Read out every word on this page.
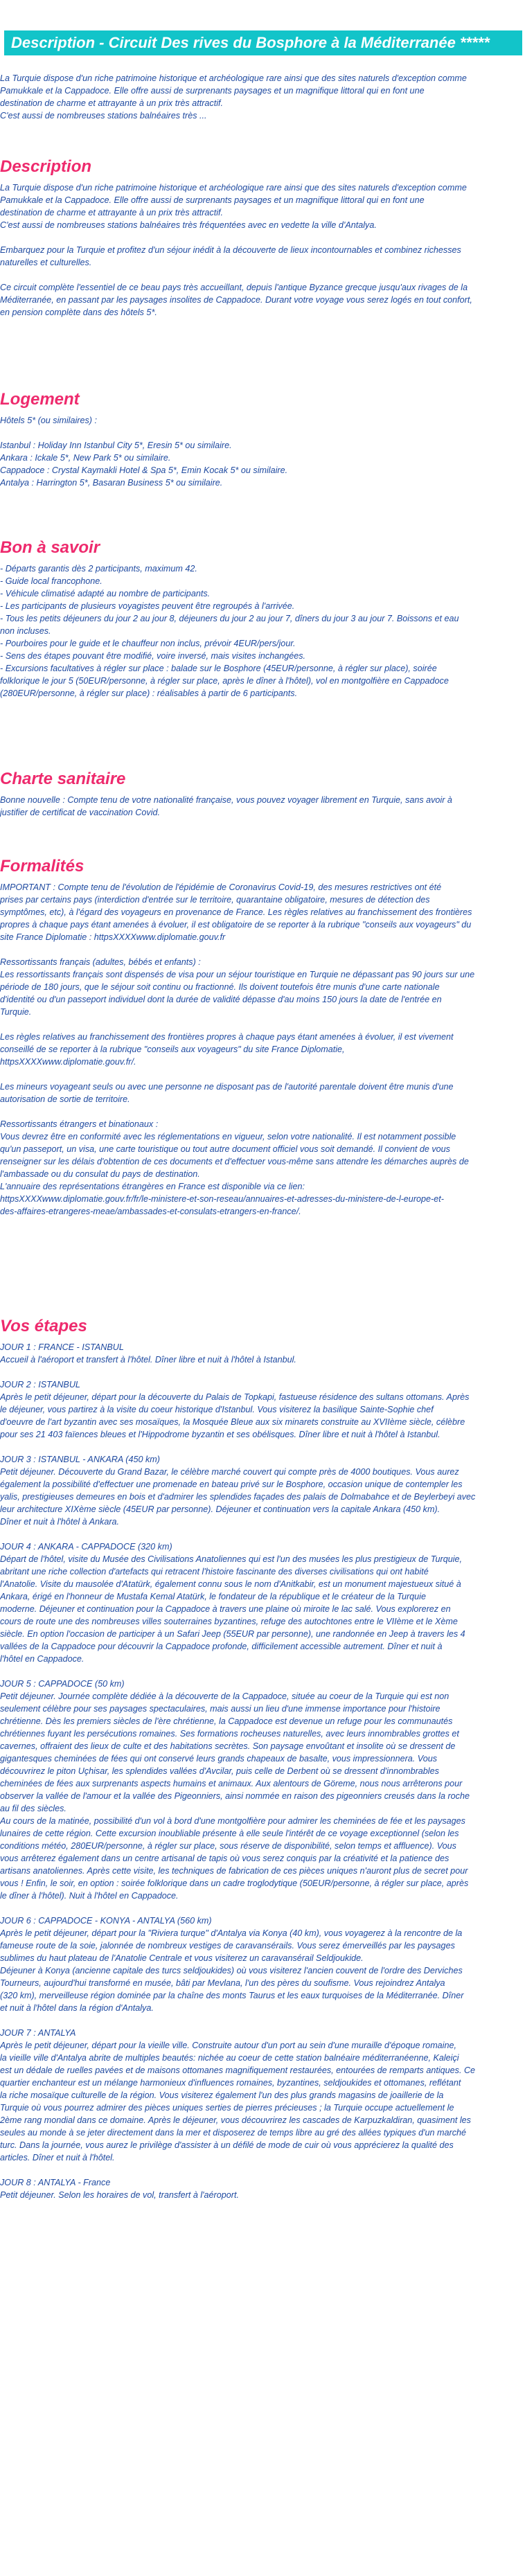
Description - Circuit Des rives du Bosphore à la Méditerranée *****
La Turquie dispose d'un riche patrimoine historique et archéologique rare ainsi que des sites naturels d'exception comme
Pamukkale et la Cappadoce. Elle offre aussi de surprenants paysages et un magnifique littoral qui en font une
destination de charme et attrayante à un prix très attractif.
C'est aussi de nombreuses stations balnéaires très ...
Description
La Turquie dispose d'un riche patrimoine historique et archéologique rare ainsi que des sites naturels d'exception comme
Pamukkale et la Cappadoce. Elle offre aussi de surprenants paysages et un magnifique littoral qui en font une
destination de charme et attrayante à un prix très attractif.
C'est aussi de nombreuses stations balnéaires très fréquentées avec en vedette la ville d'Antalya.
Embarquez pour la Turquie et profitez d'un séjour inédit à la découverte de lieux incontournables et combinez richesses
naturelles et culturelles.
Ce circuit complète l'essentiel de ce beau pays très accueillant, depuis l'antique Byzance grecque jusqu'aux rivages de la
Méditerranée, en passant par les paysages insolites de Cappadoce. Durant votre voyage vous serez logés en tout confort,
en pension complète dans des hôtels 5*.
Logement
Hôtels 5* (ou similaires) :
Istanbul : Holiday Inn Istanbul City 5*, Eresin 5* ou similaire.
Ankara : Ickale 5*, New Park 5* ou similaire.
Cappadoce : Crystal Kaymakli Hotel & Spa 5*, Emin Kocak 5* ou similaire.
Antalya : Harrington 5*, Basaran Business 5* ou similaire.
Bon à savoir
- Départs garantis dès 2 participants, maximum 42.
- Guide local francophone.
- Véhicule climatisé adapté au nombre de participants.
- Les participants de plusieurs voyagistes peuvent être regroupés à l'arrivée.
- Tous les petits déjeuners du jour 2 au jour 8, déjeuners du jour 2 au jour 7, dîners du jour 3 au jour 7. Boissons et eau
non incluses.
- Pourboires pour le guide et le chauffeur non inclus, prévoir 4EUR/pers/jour.
- Sens des étapes pouvant être modifié, voire inversé, mais visites inchangées.
- Excursions facultatives à régler sur place : balade sur le Bosphore (45EUR/personne, à régler sur place), soirée
folklorique le jour 5 (50EUR/personne, à régler sur place, après le dîner à l'hôtel), vol en montgolfière en Cappadoce
(280EUR/personne, à régler sur place) : réalisables à partir de 6 participants.
Charte sanitaire
Bonne nouvelle : Compte tenu de votre nationalité française, vous pouvez voyager librement en Turquie, sans avoir à
justifier de certificat de vaccination Covid.
Formalités
IMPORTANT : Compte tenu de l'évolution de l'épidémie de Coronavirus Covid-19, des mesures restrictives ont été
prises par certains pays (interdiction d'entrée sur le territoire, quarantaine obligatoire, mesures de détection des
symptômes, etc), à l'égard des voyageurs en provenance de France. Les règles relatives au franchissement des frontières
propres à chaque pays étant amenées à évoluer, il est obligatoire de se reporter à la rubrique "conseils aux voyageurs" du
site France Diplomatie : httpsXXXXwww.diplomatie.gouv.fr
Ressortissants français (adultes, bébés et enfants) :
Les ressortissants français sont dispensés de visa pour un séjour touristique en Turquie ne dépassant pas 90 jours sur une
période de 180 jours, que le séjour soit continu ou fractionné. Ils doivent toutefois être munis d'une carte nationale
d'identité ou d'un passeport individuel dont la durée de validité dépasse d'au moins 150 jours la date de l'entrée en
Turquie.
Les règles relatives au franchissement des frontières propres à chaque pays étant amenées à évoluer, il est vivement
conseillé de se reporter à la rubrique "conseils aux voyageurs" du site France Diplomatie,
httpsXXXXwww.diplomatie.gouv.fr/.
Les mineurs voyageant seuls ou avec une personne ne disposant pas de l'autorité parentale doivent être munis d'une
autorisation de sortie de territoire.
Ressortissants étrangers et binationaux :
Vous devrez être en conformité avec les réglementations en vigueur, selon votre nationalité. Il est notamment possible
qu'un passeport, un visa, une carte touristique ou tout autre document officiel vous soit demandé. Il convient de vous
renseigner sur les délais d'obtention de ces documents et d'effectuer vous-même sans attendre les démarches auprès de
l'ambassade ou du consulat du pays de destination.
L'annuaire des représentations étrangères en France est disponible via ce lien:
httpsXXXXwww.diplomatie.gouv.fr/fr/le-ministere-et-son-reseau/annuaires-et-adresses-du-ministere-de-l-europe-et-
des-affaires-etrangeres-meae/ambassades-et-consulats-etrangers-en-france/.
Vos étapes
JOUR 1 : FRANCE - ISTANBUL
Accueil à l'aéroport et transfert à l'hôtel. Dîner libre et nuit à l'hôtel à Istanbul.
JOUR 2 : ISTANBUL
Après le petit déjeuner, départ pour la découverte du Palais de Topkapi, fastueuse résidence des sultans ottomans. Après
le déjeuner, vous partirez à la visite du coeur historique d'Istanbul. Vous visiterez la basilique Sainte-Sophie chef
d'oeuvre de l'art byzantin avec ses mosaïques, la Mosquée Bleue aux six minarets construite au XVIIème siècle, célèbre
pour ses 21 403 faïences bleues et l'Hippodrome byzantin et ses obélisques. Dîner libre et nuit à l'hôtel à Istanbul.
JOUR 3 : ISTANBUL - ANKARA (450 km)
Petit déjeuner. Découverte du Grand Bazar, le célèbre marché couvert qui compte près de 4000 boutiques. Vous aurez
également la possibilité d'effectuer une promenade en bateau privé sur le Bosphore, occasion unique de contempler les
yalis, prestigieuses demeures en bois et d'admirer les splendides façades des palais de Dolmabahce et de Beylerbeyi avec
leur architecture XIXème siècle (45EUR par personne). Déjeuner et continuation vers la capitale Ankara (450 km).
Dîner et nuit à l'hôtel à Ankara.
JOUR 4 : ANKARA - CAPPADOCE (320 km)
Départ de l'hôtel, visite du Musée des Civilisations Anatoliennes qui est l'un des musées les plus prestigieux de Turquie,
abritant une riche collection d'artefacts qui retracent l'histoire fascinante des diverses civilisations qui ont habité
l'Anatolie. Visite du mausolée d'Atatürk, également connu sous le nom d'Anitkabir, est un monument majestueux situé à
Ankara, érigé en l'honneur de Mustafa Kemal Atatürk, le fondateur de la république et le créateur de la Turquie
moderne. Déjeuner et continuation pour la Cappadoce à travers une plaine où miroite le lac salé. Vous explorerez en
cours de route une des nombreuses villes souterraines byzantines, refuge des autochtones entre le VIIème et le Xème
siècle. En option l'occasion de participer à un Safari Jeep (55EUR par personne), une randonnée en Jeep à travers les 4
vallées de la Cappadoce pour découvrir la Cappadoce profonde, difficilement accessible autrement. Dîner et nuit à
l'hôtel en Cappadoce.
JOUR 5 : CAPPADOCE (50 km)
Petit déjeuner. Journée complète dédiée à la découverte de la Cappadoce, située au coeur de la Turquie qui est non
seulement célèbre pour ses paysages spectaculaires, mais aussi un lieu d'une immense importance pour l'histoire
chrétienne. Dès les premiers siècles de l'ère chrétienne, la Cappadoce est devenue un refuge pour les communautés
chrétiennes fuyant les persécutions romaines. Ses formations rocheuses naturelles, avec leurs innombrables grottes et
cavernes, offraient des lieux de culte et des habitations secrètes. Son paysage envoûtant et insolite où se dressent de
gigantesques cheminées de fées qui ont conservé leurs grands chapeaux de basalte, vous impressionnera. Vous
découvrirez le piton Uçhisar, les splendides vallées d'Avcilar, puis celle de Derbent où se dressent d'innombrables
cheminées de fées aux surprenants aspects humains et animaux. Aux alentours de Göreme, nous nous arrêterons pour
observer la vallée de l'amour et la vallée des Pigeonniers, ainsi nommée en raison des pigeonniers creusés dans la roche
au fil des siècles.
Au cours de la matinée, possibilité d'un vol à bord d'une montgolfière pour admirer les cheminées de fée et les paysages
lunaires de cette région. Cette excursion inoubliable présente à elle seule l'intérêt de ce voyage exceptionnel (selon les
conditions météo, 280EUR/personne, à régler sur place, sous réserve de disponibilité, selon temps et affluence). Vous
vous arrêterez également dans un centre artisanal de tapis où vous serez conquis par la créativité et la patience des
artisans anatoliennes. Après cette visite, les techniques de fabrication de ces pièces uniques n'auront plus de secret pour
vous ! Enfin, le soir, en option : soirée folklorique dans un cadre troglodytique (50EUR/personne, à régler sur place, après
le dîner à l'hôtel). Nuit à l'hôtel en Cappadoce.
JOUR 6 : CAPPADOCE - KONYA - ANTALYA (560 km)
Après le petit déjeuner, départ pour la "Riviera turque" d'Antalya via Konya (40 km), vous voyagerez à la rencontre de la
fameuse route de la soie, jalonnée de nombreux vestiges de caravansérails. Vous serez émerveillés par les paysages
sublimes du haut plateau de l'Anatolie Centrale et vous visiterez un caravansérail Seldjoukide.
Déjeuner à Konya (ancienne capitale des turcs seldjoukides) où vous visiterez l'ancien couvent de l'ordre des Derviches
Tourneurs, aujourd'hui transformé en musée, bâti par Mevlana, l'un des pères du soufisme. Vous rejoindrez Antalya
(320 km), merveilleuse région dominée par la chaîne des monts Taurus et les eaux turquoises de la Méditerranée. Dîner
et nuit à l'hôtel dans la région d'Antalya.
JOUR 7 : ANTALYA
Après le petit déjeuner, départ pour la vieille ville. Construite autour d'un port au sein d'une muraille d'époque romaine,
la vieille ville d'Antalya abrite de multiples beautés: nichée au coeur de cette station balnéaire méditerranéenne, Kaleiçi
est un dédale de ruelles pavées et de maisons ottomanes magnifiquement restaurées, entourées de remparts antiques. Ce
quartier enchanteur est un mélange harmonieux d'influences romaines, byzantines, seldjoukides et ottomanes, reflétant
la riche mosaïque culturelle de la région. Vous visiterez également l'un des plus grands magasins de joaillerie de la
Turquie où vous pourrez admirer des pièces uniques serties de pierres précieuses ; la Turquie occupe actuellement le
2ème rang mondial dans ce domaine. Après le déjeuner, vous découvrirez les cascades de Karpuzkaldiran, quasiment les
seules au monde à se jeter directement dans la mer et disposerez de temps libre au gré des allées typiques d'un marché
turc. Dans la journée, vous aurez le privilège d'assister à un défilé de mode de cuir où vous apprécierez la qualité des
articles. Dîner et nuit à l'hôtel.
JOUR 8 : ANTALYA - France
Petit déjeuner. Selon les horaires de vol, transfert à l'aéroport.
